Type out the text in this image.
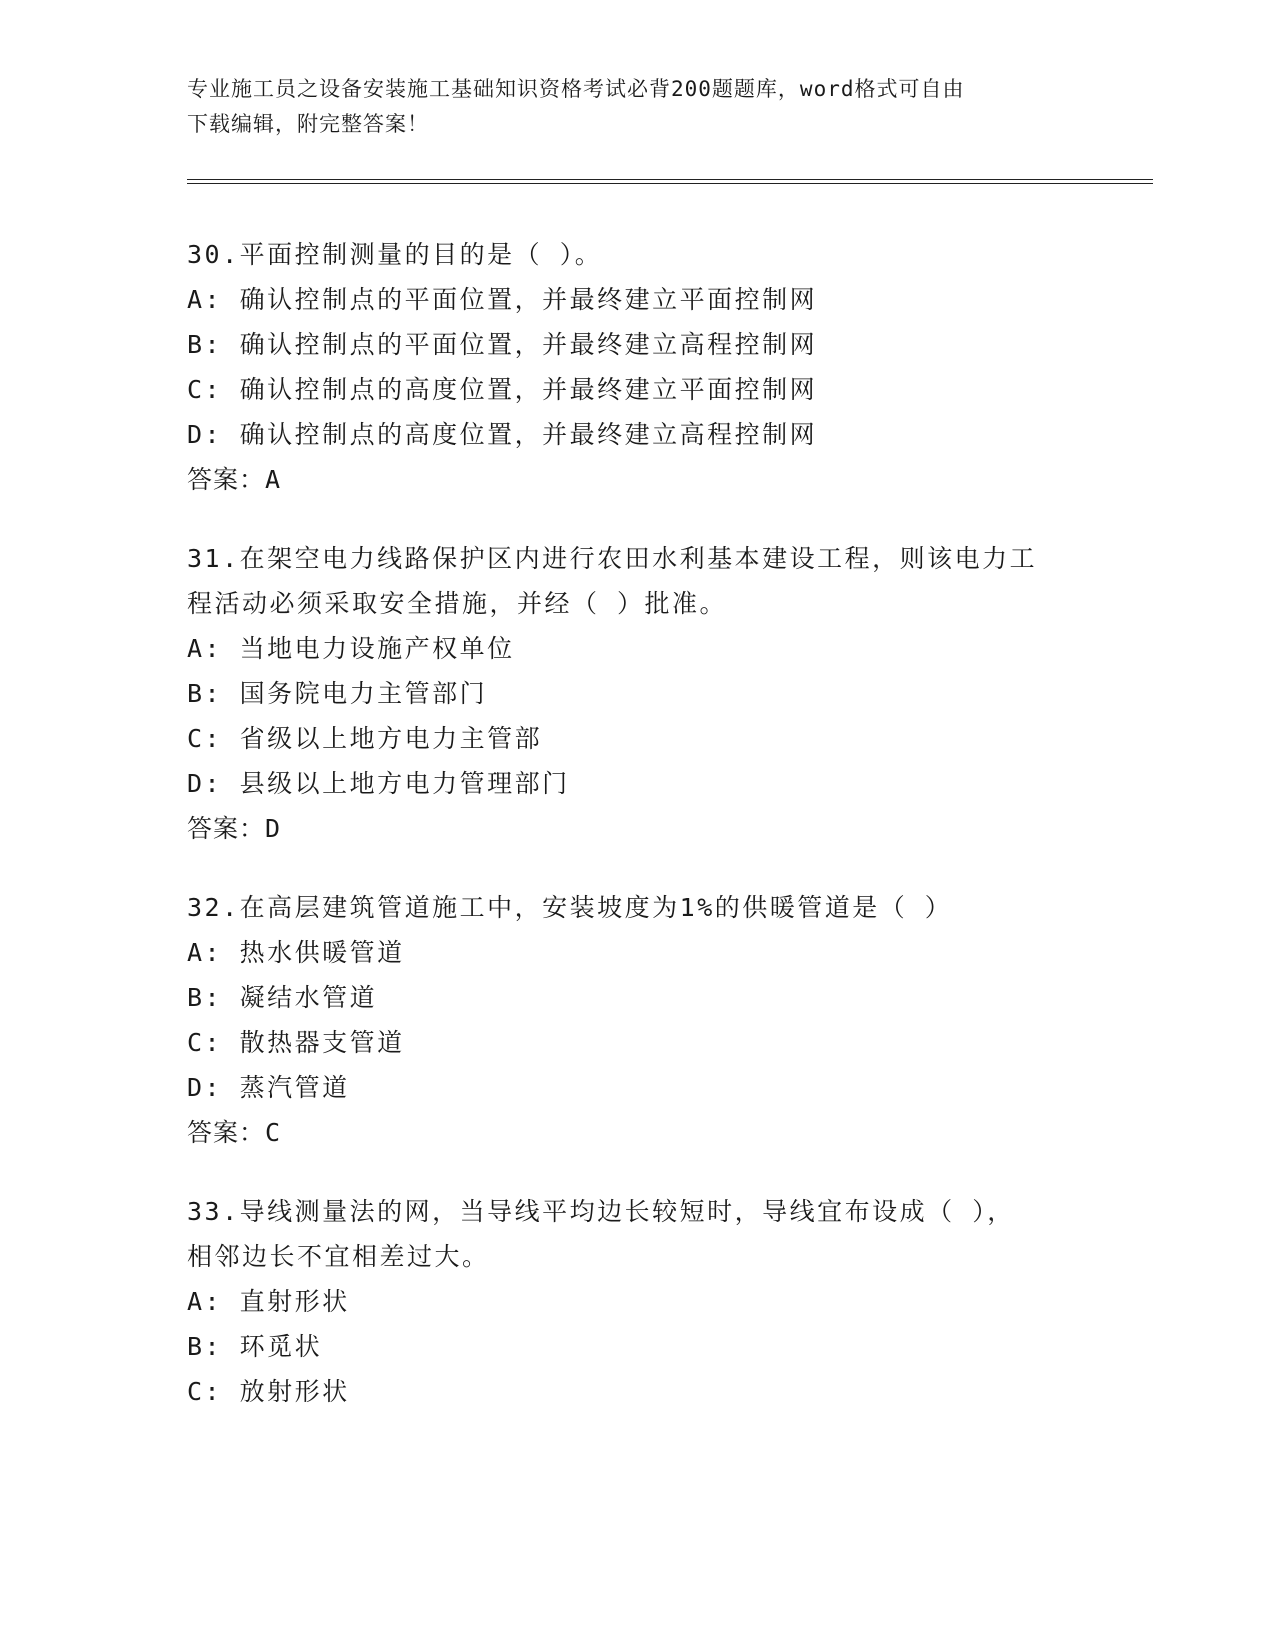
专业施工员之设备安装施工基础知识资格考试必背200题题库，word格式可自由
下载编辑，附完整答案！
30.平面控制测量的目的是（ ）。
A: 确认控制点的平面位置，并最终建立平面控制网
B: 确认控制点的平面位置，并最终建立高程控制网
C: 确认控制点的高度位置，并最终建立平面控制网
D: 确认控制点的高度位置，并最终建立高程控制网
答案：A
31.在架空电力线路保护区内进行农田水利基本建设工程，则该电力工
程活动必须采取安全措施，并经（ ）批准。
A: 当地电力设施产权单位
B: 国务院电力主管部门
C: 省级以上地方电力主管部
D: 县级以上地方电力管理部门
答案：D
32.在高层建筑管道施工中，安装坡度为1%的供暖管道是（ ）
A: 热水供暖管道
B: 凝结水管道
C: 散热器支管道
D: 蒸汽管道
答案：C
33.导线测量法的网，当导线平均边长较短时，导线宜布设成（ ），
相邻边长不宜相差过大。
A: 直射形状
B: 环觅状
C: 放射形状
